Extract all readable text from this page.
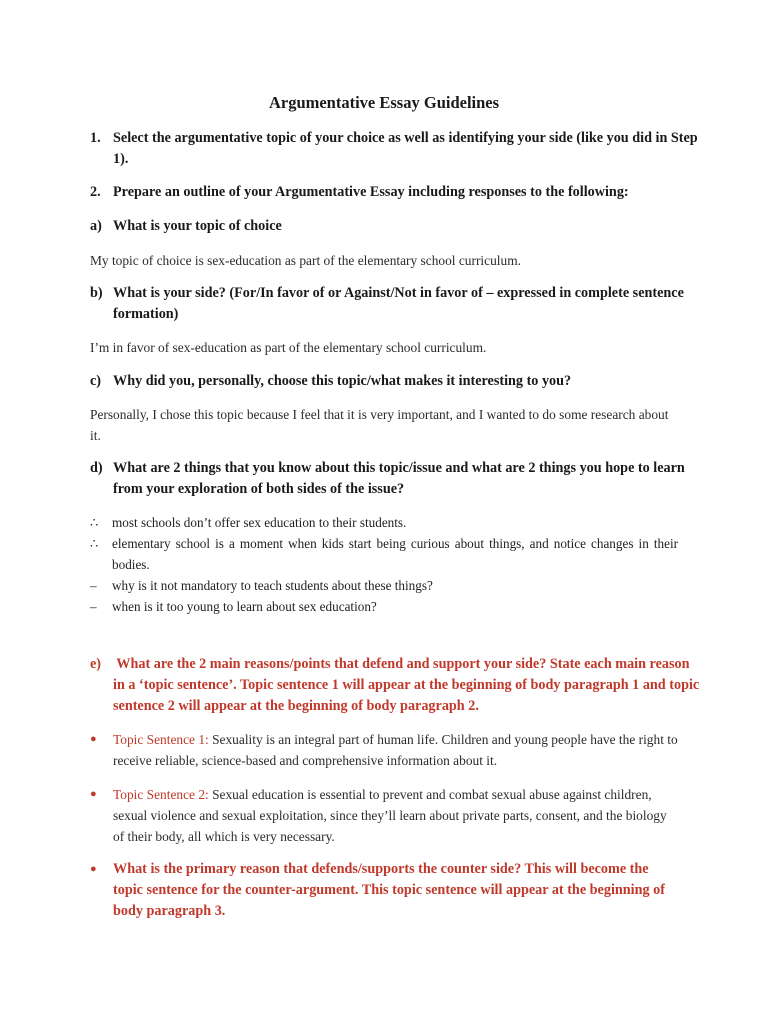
Argumentative Essay Guidelines
1. Select the argumentative topic of your choice as well as identifying your side (like you did in Step 1).
2. Prepare an outline of your Argumentative Essay including responses to the following:
a) What is your topic of choice
My topic of choice is sex-education as part of the elementary school curriculum.
b) What is your side? (For/In favor of or Against/Not in favor of – expressed in complete sentence formation)
I’m in favor of sex-education as part of the elementary school curriculum.
c) Why did you, personally, choose this topic/what makes it interesting to you?
Personally, I chose this topic because I feel that it is very important, and I wanted to do some research about it.
d) What are 2 things that you know about this topic/issue and what are 2 things you hope to learn from your exploration of both sides of the issue?
∴	most schools don’t offer sex education to their students.
∴	elementary school is a moment when kids start being curious about things, and notice changes in their bodies.
–	why is it not mandatory to teach students about these things?
–	when is it too young to learn about sex education?
e) What are the 2 main reasons/points that defend and support your side? State each main reason in a ‘topic sentence’. Topic sentence 1 will appear at the beginning of body paragraph 1 and topic sentence 2 will appear at the beginning of body paragraph 2.
●	Topic Sentence 1: Sexuality is an integral part of human life. Children and young people have the right to receive reliable, science-based and comprehensive information about it.
●	Topic Sentence 2: Sexual education is essential to prevent and combat sexual abuse against children, sexual violence and sexual exploitation, since they’ll learn about private parts, consent, and the biology of their body, all which is very necessary.
●	What is the primary reason that defends/supports the counter side? This will become the topic sentence for the counter-argument. This topic sentence will appear at the beginning of body paragraph 3.
